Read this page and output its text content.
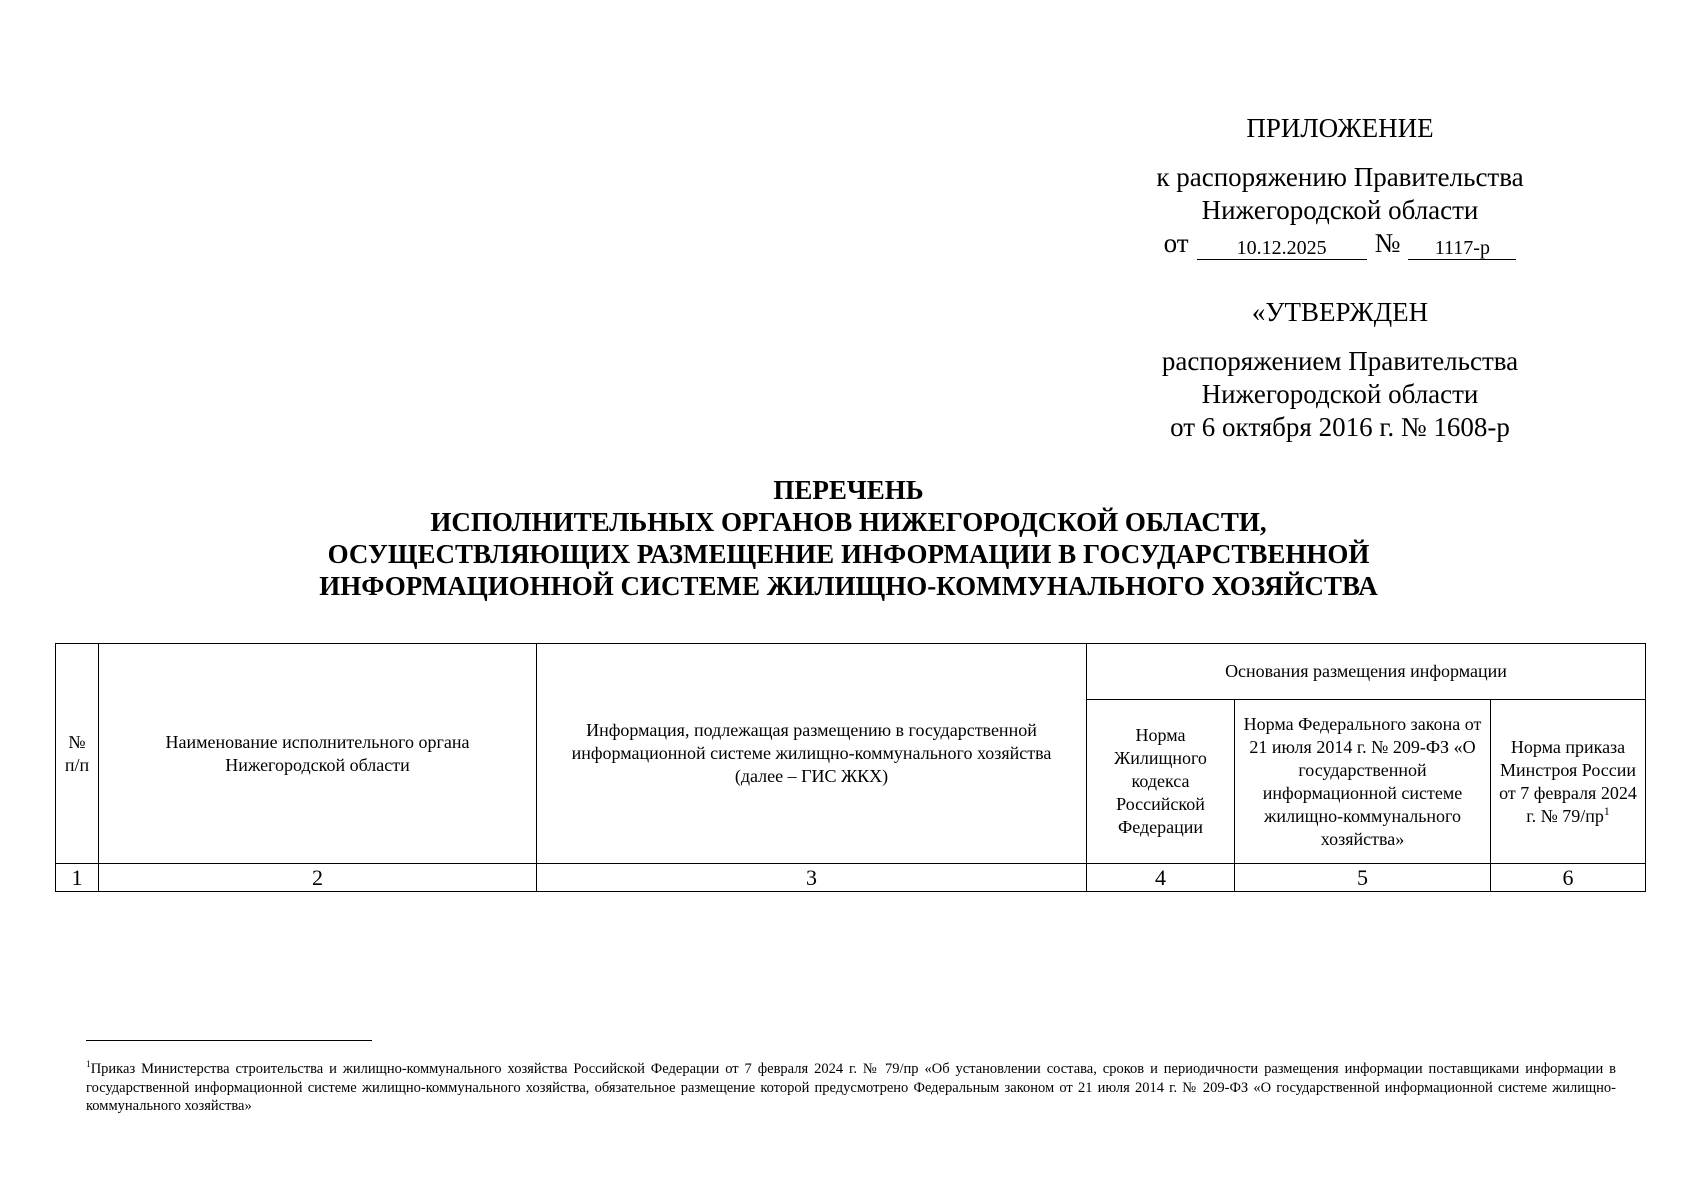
ПРИЛОЖЕНИЕ
к распоряжению Правительства
Нижегородской области
от	10.12.2025	№	1117-р
«УТВЕРЖДЕН
распоряжением Правительства
Нижегородской области
от 6 октября 2016 г. № 1608-р
ПЕРЕЧЕНЬ
ИСПОЛНИТЕЛЬНЫХ ОРГАНОВ НИЖЕГОРОДСКОЙ ОБЛАСТИ,
ОСУЩЕСТВЛЯЮЩИХ РАЗМЕЩЕНИЕ ИНФОРМАЦИИ В ГОСУДАРСТВЕННОЙ
ИНФОРМАЦИОННОЙ СИСТЕМЕ ЖИЛИЩНО-КОММУНАЛЬНОГО ХОЗЯЙСТВА
№ п/п	Наименование исполнительного органа Нижегородской области	Информация, подлежащая размещению в государственной информационной системе жилищно-коммунального хозяйства (далее – ГИС ЖКХ)	Основания размещения информации		
			Норма Жилищного кодекса Российской Федерации	Норма Федерального закона от 21 июля 2014 г. № 209-ФЗ «О государственной информационной системе жилищно-коммунального хозяйства»	Норма приказа Минстроя России от 7 февраля 2024 г. № $79/пр^1$
1	2	3	4	5	6
$^1$Приказ Министерства строительства и жилищно-коммунального хозяйства Российской Федерации от 7 февраля 2024 г. № 79/пр «Об установлении состава, сроков и периодичности размещения информации поставщиками информации в государственной информационной системе жилищно-коммунального хозяйства, обязательное размещение которой предусмотрено Федеральным законом от 21 июля 2014 г. № 209-ФЗ «О государственной информационной системе жилищно-коммунального хозяйства»
